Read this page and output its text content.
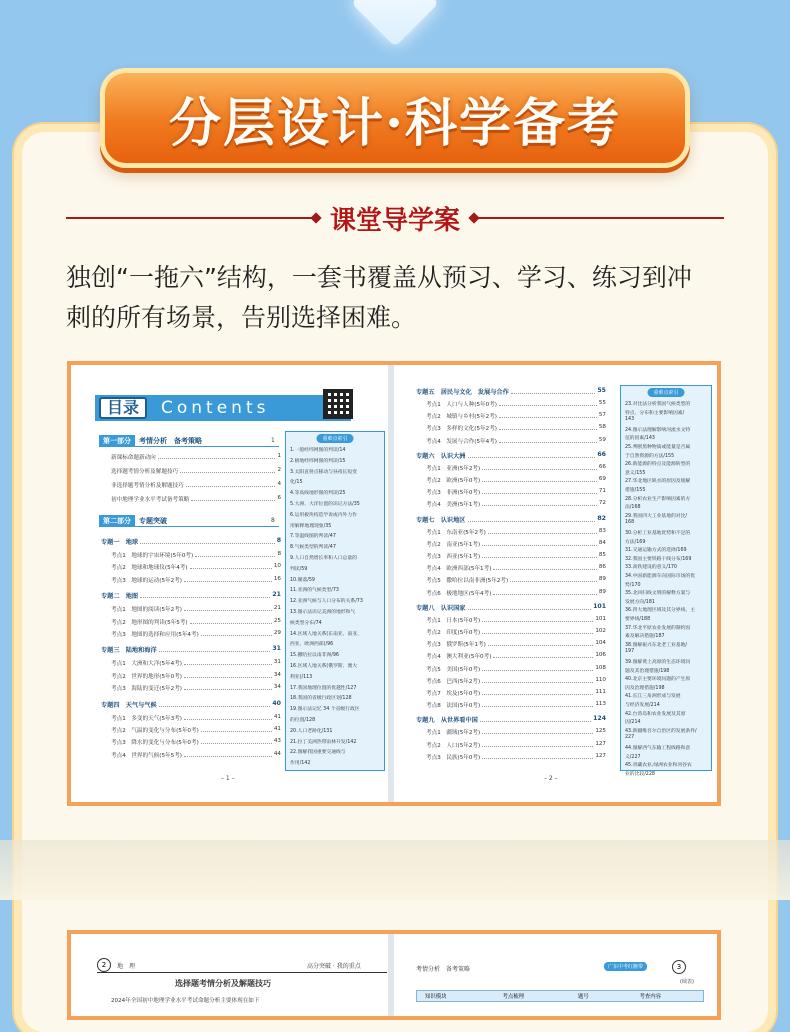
分层设计·科学备考
课堂导学案
独创“一拖六”结构，一套书覆盖从预习、学习、练习到冲
刺的所有场景，告别选择困难。
目录	Contents
第一部分	考情分析　备考策略	1
新课标命题新动向	1
选择题考情分析及解题技巧	2
非选择题考情分析及解题技巧	4
初中地理学业水平考试备考策略	6
第二部分	专题突破	8
专题一　地球	8
考点1　地球的宇宙环境(5年0考)	8
考点2　地球和地球仪(5年4考)	10
考点3　地球的运动(5年2考)	16
专题二　地图	21
考点1　地图的阅读(5年2考)	21
考点2　地形图的判读(5年5考)	25
考点3　地图的选择和应用(5年4考)	29
专题三　陆地和海洋	31
考点1　大洲和大洋(5年4考)	31
考点2　世界的地形(5年0考)	34
考点3　海陆的变迁(5年2考)	34
专题四　天气与气候	40
考点1　多变的天气(5年3考)	41
考点2　气温的变化与分布(5年0考)	41
考点3　降水的变化与分布(5年0考)	43
考点4　世界的气候(5年5考)	44
重难点索引
1.一般经纬网图的判读/14
2.极地经纬网图的判读/15
3.太阳直射点移动与昼夜长短变
化/15
4.等高线地形图的判读/25
5.大洲、大洋位置的识记方法/35
6.运用板块构造学说或内外力作
用解释地理现象/35
7.等温线图的判读/47
8.气候类型的判读/47
9.人口自然增长率和人口总量的
判读/59
10.聚落/59
11.亚洲的气候类型/73
12.亚洲气候与人口分布的关系/73
13.图示法识记美洲的地形和气
候类型分布/74
14.区域人地关系(东南亚、南亚、
西亚、欧洲西部)/96
15.撒哈拉以南非洲/96
16.区域人地关系(俄罗斯、澳大
利亚)/113
17.我国地理位置的优越性/127
18.我国的省级行政区划/128
19.图示法记忆 34 个省级行政区
的位置/128
20.人口老龄化/131
21.拉丁美洲热带雨林开发/142
22.图解我国重要交通线与
作用/142
– 1 –
专题五　居民与文化　发展与合作	55
考点1　人口与人种(5年0考)	55
考点2　城镇与乡村(5年2考)	57
考点3　多样的文化(5年2考)	58
考点4　发展与合作(5年4考)	59
专题六　认识大洲	66
考点1　亚洲(5年2考)	66
考点2　欧洲(5年0考)	69
考点3　非洲(5年0考)	71
考点4　美洲(5年1考)	72
专题七　认识地区	82
考点1　东南亚(5年2考)	83
考点2　南亚(5年1考)	84
考点3　西亚(5年1考)	85
考点4　欧洲西部(5年1考)	86
考点5　撒哈拉以南非洲(5年2考)	89
考点6　极地地区(5年4考)	89
专题八　认识国家	101
考点1　日本(5年0考)	101
考点2　印度(5年0考)	102
考点3　俄罗斯(5年1考)	104
考点4　澳大利亚(5年0考)	106
考点5　美国(5年0考)	108
考点6　巴西(5年2考)	110
考点7　埃及(5年0考)	111
考点8　法国(5年0考)	113
专题九　从世界看中国	124
考点1　疆域(5年2考)	125
考点2　人口(5年2考)	127
考点3　民族(5年0考)	127
重难点索引
23.对比法分析我国气候类型的
特点、分布和主要影响因素/
143
24.图示法理解影响河流水文特
征的因素/143
25.判断黑种物质或能量是否属
于自然资源的方法/155
26.新能源的特点及能源转型的
意义/155
27.华北地区缺水的原因及缓解
措施/155
28.分析农业生产影响因素的方
法/168
29.我国四大工业基地的对比/
168
30.分析工业基地优势和不足的
方法/169
31.交通运输方式的选择/169
32.我国主要铁路干线分布/169
33.高铁建设的意义/170
34.中国新能源车向国际市场的优
势/170
35.北回归线文明的解释方案与
发展方向/181
36.四大地理区域及其分界线、主
要界线/188
37.华北平原农业发展的制约因
素及解决措施/187
38.图解振兴东北老工业基地/
197
39.图解黄土高原的生态环境问
题及其治理措施/198
40.北京主要环境问题的产生原
因及治理措施/198
41.长江三角洲形成与发展
与经济发展/214
42.台湾岛和农业发展及其原
因/214
43.新疆维吾尔自治区的发展条件/
227
44.图解西气东输工程线路和意
义/227
45.青藏农业,绿洲农业和河谷农
业的比较/228
– 2 –
2	地　理	高分突破 · 我的重点
选择题考情分析及解题技巧
2024年全国初中地理学业水平考试命题分析主要体现在如下
考情分析　备考策略	广东中考红腕带	3
(续表)
知识模块	考点梳理	题号	考查内容
